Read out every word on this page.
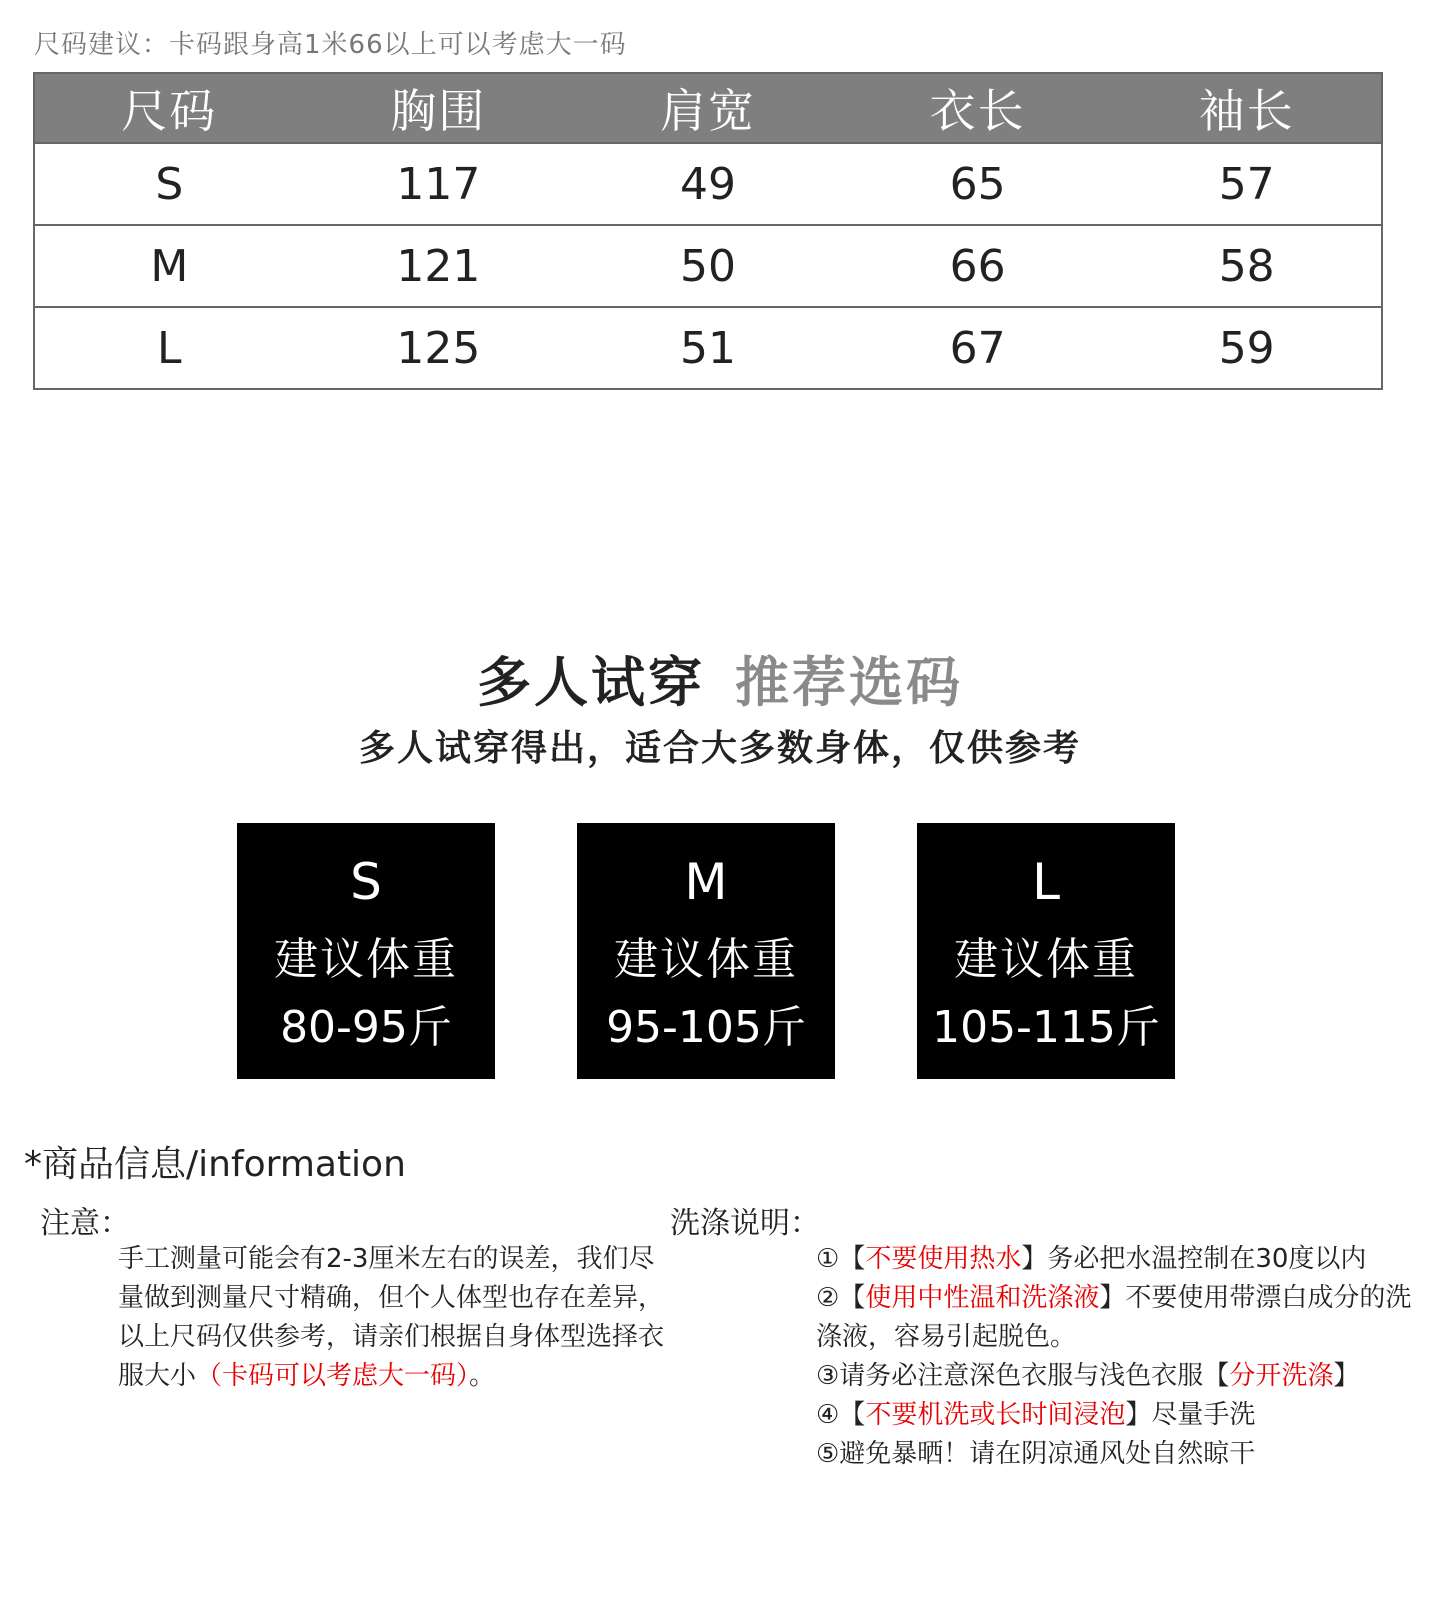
尺码建议：卡码跟身高1米66以上可以考虑大一码
尺码	胸围	肩宽	衣长	袖长
S	117	49	65	57
M	121	50	66	58
L	125	51	67	59
多人试穿 推荐选码
多人试穿得出，适合大多数身体，仅供参考
S
建议体重
80-95斤
M
建议体重
95-105斤
L
建议体重
105-115斤
*商品信息/information
注意：
手工测量可能会有2-3厘米左右的误差，我们尽量做到测量尺寸精确，但个人体型也存在差异，以上尺码仅供参考，请亲们根据自身体型选择衣服大小（卡码可以考虑大一码）。
洗涤说明：
①【不要使用热水】务必把水温控制在30度以内
②【使用中性温和洗涤液】不要使用带漂白成分的洗涤液，容易引起脱色。
③请务必注意深色衣服与浅色衣服【分开洗涤】
④【不要机洗或长时间浸泡】尽量手洗
⑤避免暴晒！请在阴凉通风处自然晾干
